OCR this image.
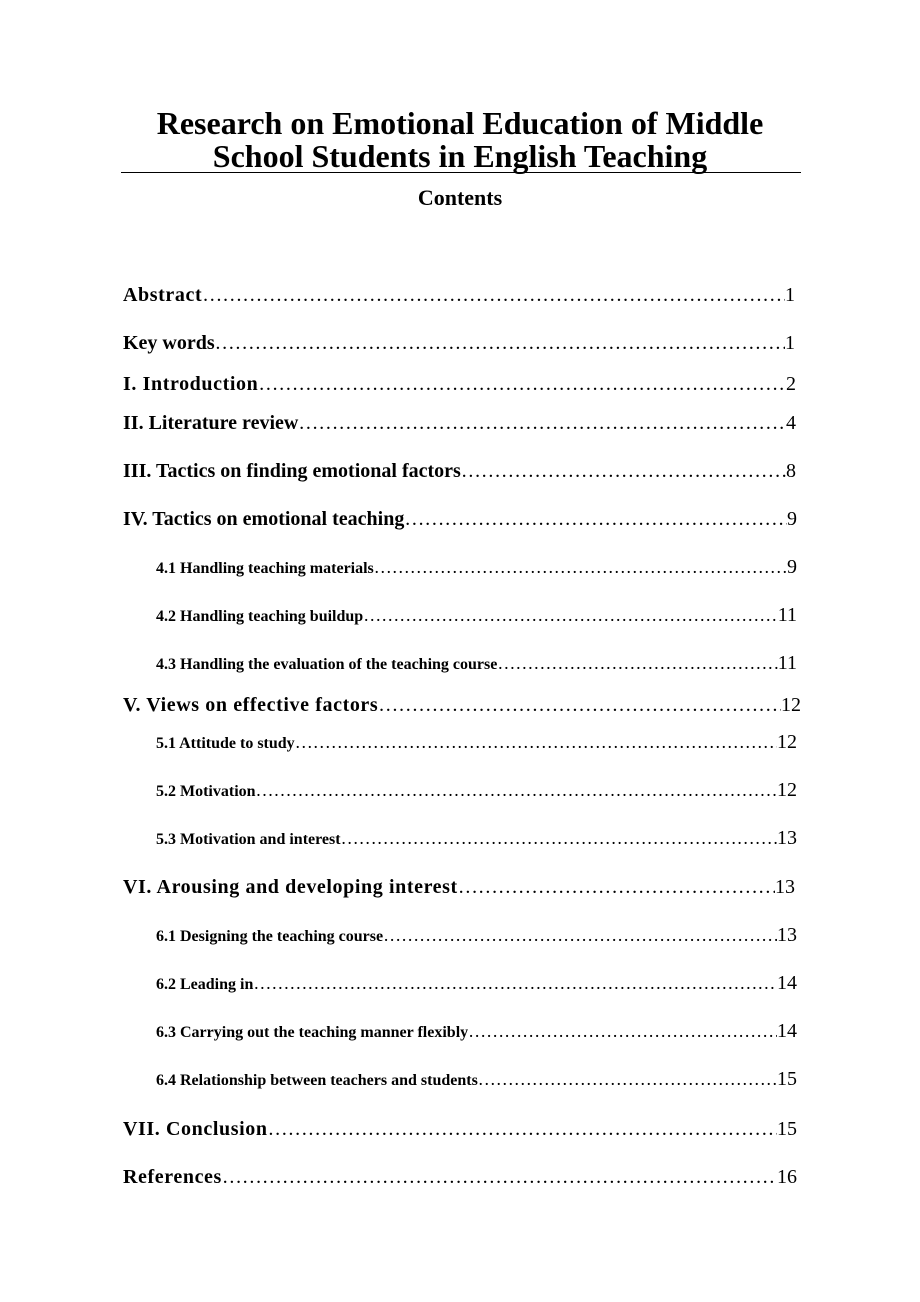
Research on Emotional Education of Middle
School Students in English Teaching
Contents
Abstract ………………………………………………………………………………………………………………………………………………………………………………………	1
Key words ………………………………………………………………………………………………………………………………………………………………………………………	1
I. Introduction ………………………………………………………………………………………………………………………………………………………………………………………	2
II. Literature review ………………………………………………………………………………………………………………………………………………………………………………………	4
III. Tactics on finding emotional factors ………………………………………………………………………………………………………………………………………………………………………………………	8
IV. Tactics on emotional teaching ………………………………………………………………………………………………………………………………………………………………………………………	9
4.1 Handling teaching materials ………………………………………………………………………………………………………………………………………………………………………………………	9
4.2 Handling teaching buildup ………………………………………………………………………………………………………………………………………………………………………………………	11
4.3 Handling the evaluation of the teaching course ………………………………………………………………………………………………………………………………………………………………………………………	11
V. Views on effective factors ………………………………………………………………………………………………………………………………………………………………………………………	12
5.1 Attitude to study ………………………………………………………………………………………………………………………………………………………………………………………	12
5.2 Motivation ………………………………………………………………………………………………………………………………………………………………………………………	12
5.3 Motivation and interest ………………………………………………………………………………………………………………………………………………………………………………………	13
VI. Arousing and developing interest ………………………………………………………………………………………………………………………………………………………………………………………	13
6.1 Designing the teaching course ………………………………………………………………………………………………………………………………………………………………………………………	13
6.2 Leading in ………………………………………………………………………………………………………………………………………………………………………………………	14
6.3 Carrying out the teaching manner flexibly ………………………………………………………………………………………………………………………………………………………………………………………	14
6.4 Relationship between teachers and students ………………………………………………………………………………………………………………………………………………………………………………………	15
VII. Conclusion ………………………………………………………………………………………………………………………………………………………………………………………	15
References ………………………………………………………………………………………………………………………………………………………………………………………	16
